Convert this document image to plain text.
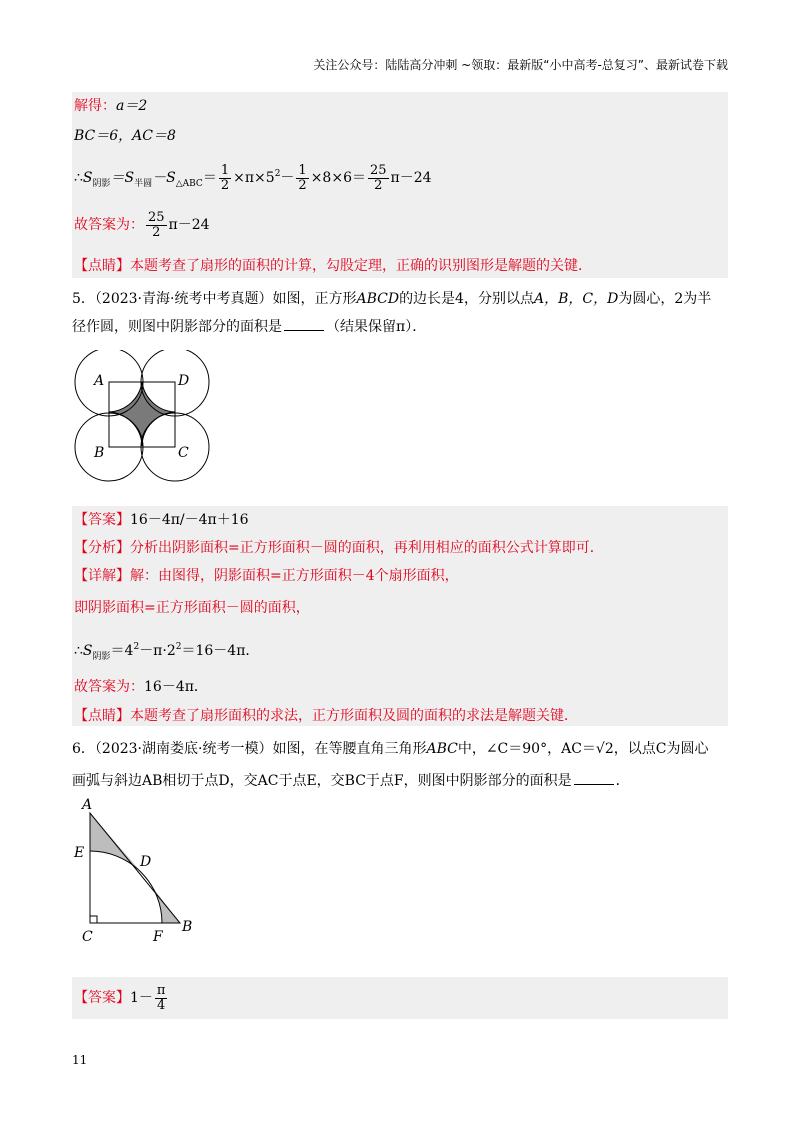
关注公众号：陆陆高分冲刺 ~领取：最新版“小中高考-总复习”、最新试卷下载
解得：a＝2
BC＝6，AC＝8
$\therefore S_{阴影}=S_{半圆}-S_{\triangle ABC}= \frac{1}{2} \times\pi\times 5^2- \frac{1}{2} \times 8\times 6= \frac{25}{2} \pi-24$
故答案为： $\frac{25}{2} \pi-24$
【点睛】本题考查了扇形的面积的计算，勾股定理，正确的识别图形是解题的关键．
5．（2023·青海·统考中考真题）如图，正方形ABCD的边长是4，分别以点A，B，C，D为圆心，2为半
径作圆，则图中阴影部分的面积是	（结果保留π）．
A	D
B	C
【答案】16－4π/－4π＋16
【分析】分析出阴影面积=正方形面积－圆的面积，再利用相应的面积公式计算即可．
【详解】解：由图得，阴影面积=正方形面积－4个扇形面积，
即阴影面积=正方形面积－圆的面积，
$\therefore S_{阴影}=4^2-\pi\cdot 2^2=16-4\pi$．
故答案为：16－4π．
【点睛】本题考查了扇形面积的求法，正方形面积及圆的面积的求法是解题关键．
6．（2023·湖南娄底·统考一模）如图，在等腰直角三角形ABC中，∠C＝90°，AC＝√2，以点C为圆心
画弧与斜边AB相切于点D，交AC于点E，交BC于点F，则图中阴影部分的面积是	．
A
E
D
C	F
B
【答案】$1- \frac{\pi}{4}$
11
